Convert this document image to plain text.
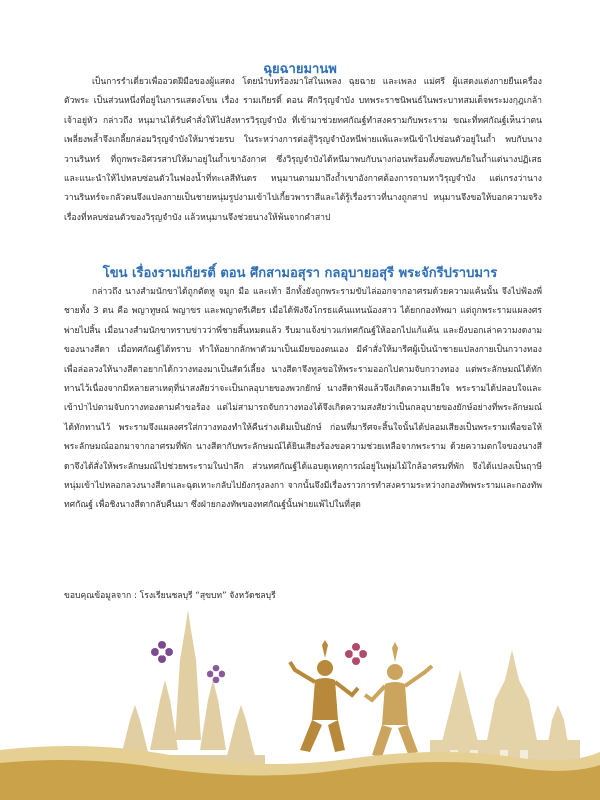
ฉุยฉายมานพ

เป็นการรำเดี่ยวเพื่ออวดฝีมือของผู้แสดง โดยนำบทร้องมาใส่ในเพลง ฉุยฉาย และเพลง แม่ศรี ผู้แสดงแต่งกายยืนเครื่องตัวพระ เป็นส่วนหนึ่งที่อยู่ในการแสดงโขน เรื่อง รามเกียรติ์ ตอน ศึกวิรุญจำบัง บทพระราชนิพนธ์ในพระบาทสมเด็จพระมงกุฎเกล้าเจ้าอยู่หัว กล่าวถึง หนุมานได้รับคำสั่งให้ไปสังหารวิรุญจำบัง ที่เข้ามาช่วยทศกัณฐ์ทำสงครามกับพระราม ขณะที่ทศกัณฐ์เห็นว่าตนเพลี่ยงพล้ำจึงเกลี้ยกล่อมวิรุญจำบังให้มาช่วยรบ ในระหว่างการต่อสู้วิรุญจำบังหนีพ่ายแพ้และหนีเข้าไปซ่อนตัวอยู่ในถ้ำ พบกับนางวานรินทร์ ที่ถูกพระอิศวรสาปให้มาอยู่ในถ้ำเขาอังกาศ ซึ่งวิรุญจำบังได้หนีมาพบกับนางก่อนพร้อมตั้งขอพบภัยในถ้ำแต่นางปฏิเสธ และแนะนำให้ไปหลบซ่อนตัวในฟองน้ำที่ทะเลสีทันดร หนุมานตามมาถึงถ้ำเขาอังกาศต้องการถามหาวิรุญจำบัง แต่เกรงว่านางวานรินทร์จะกลัวตนจึงแปลงกายเป็นชายหนุ่มรูปงามเข้าไปเกี้ยวพาราสีและได้รู้เรื่องราวที่นางถูกสาป หนุมานจึงขอให้บอกความจริงเรื่องที่หลบซ่อนตัวของวิรุญจำบัง แล้วหนุมานจึงช่วยนางให้พ้นจากคำสาป

โขน เรื่องรามเกียรติ์ ตอน ศึกสามอสุรา กลอุบายอสุรี พระจักรีปราบมาร

กล่าวถึง นางสำมนักขาได้ถูกตัดหู จมูก มือ และเท้า อีกทั้งยังถูกพระรามขับไล่ออกจากอาศรมด้วยความแค้นนั้น จึงไปฟ้องพี่ชายทั้ง 3 ตน คือ พญาทูษณ์ พญาขร และพญาตรีเศียร เมื่อได้ฟังจึงโกรธแค้นแทนน้องสาว ได้ยกกองทัพมา แต่ถูกพระรามแผลงศรพ่ายไปสิ้น เมื่อนางสำมนักขาทราบข่าวว่าพี่ชายสิ้นหมดแล้ว รีบมาแจ้งข่าวแก่ทศกัณฐ์ให้ออกไปแก้แค้น และยังบอกเล่าความงดงามของนางสีดา เมื่อทศกัณฐ์ได้ทราบ ทำให้อยากลักพาตัวมาเป็นเมียของตนเอง มีคำสั่งให้มารีศผู้เป็นน้าชายแปลงกายเป็นกวางทอง เพื่อล่อลวงให้นางสีดาอยากได้กวางทองมาเป็นสัตว์เลี้ยง นางสีดาจึงทูลขอให้พระรามออกไปตามจับกวางทอง แต่พระลักษมณ์ได้ทักทานไว้เนื่องจากมีหลายสาเหตุที่น่าสงสัยว่าจะเป็นกลอุบายของพวกยักษ์ นางสีดาฟังแล้วจึงเกิดความเสียใจ พระรามได้ปลอบใจและเข้าป่าไปตามจับกวางทองตามคำขอร้อง แต่ไม่สามารถจับกวางทองได้จึงเกิดความสงสัยว่าเป็นกลอุบายของยักษ์อย่างที่พระลักษมณ์ได้ทักทานไว้ พระรามจึงแผลงศรใส่กวางทองทำให้คืนร่างเดิมเป็นยักษ์ ก่อนที่มารีศจะสิ้นใจนั้นได้ปลอมเสียงเป็นพระรามเพื่อขอให้พระลักษมณ์ออกมาจากอาศรมที่พัก นางสีดากับพระลักษมณ์ได้ยินเสียงร้องขอความช่วยเหลือจากพระราม ด้วยความตกใจของนางสีดาจึงได้สั่งให้พระลักษมณ์ไปช่วยพระรามในป่าลึก ส่วนทศกัณฐ์ได้แอบดูเหตุการณ์อยู่ในพุ่มไม้ใกล้อาศรมที่พัก จึงได้แปลงเป็นฤาษีหนุ่มเข้าไปหลอกลวงนางสีดาและฉุดเหาะกลับไปยังกรุงลงกา จากนั้นจึงมีเรื่องราวการทำสงครามระหว่างกองทัพพระรามและกองทัพทศกัณฐ์ เพื่อชิงนางสีดากลับคืนมา ซึ่งฝ่ายกองทัพของทศกัณฐ์นั้นพ่ายแพ้ไปในที่สุด

ขอบคุณข้อมูลจาก : โรงเรียนชลบุรี “สุขบท” จังหวัดชลบุรี
